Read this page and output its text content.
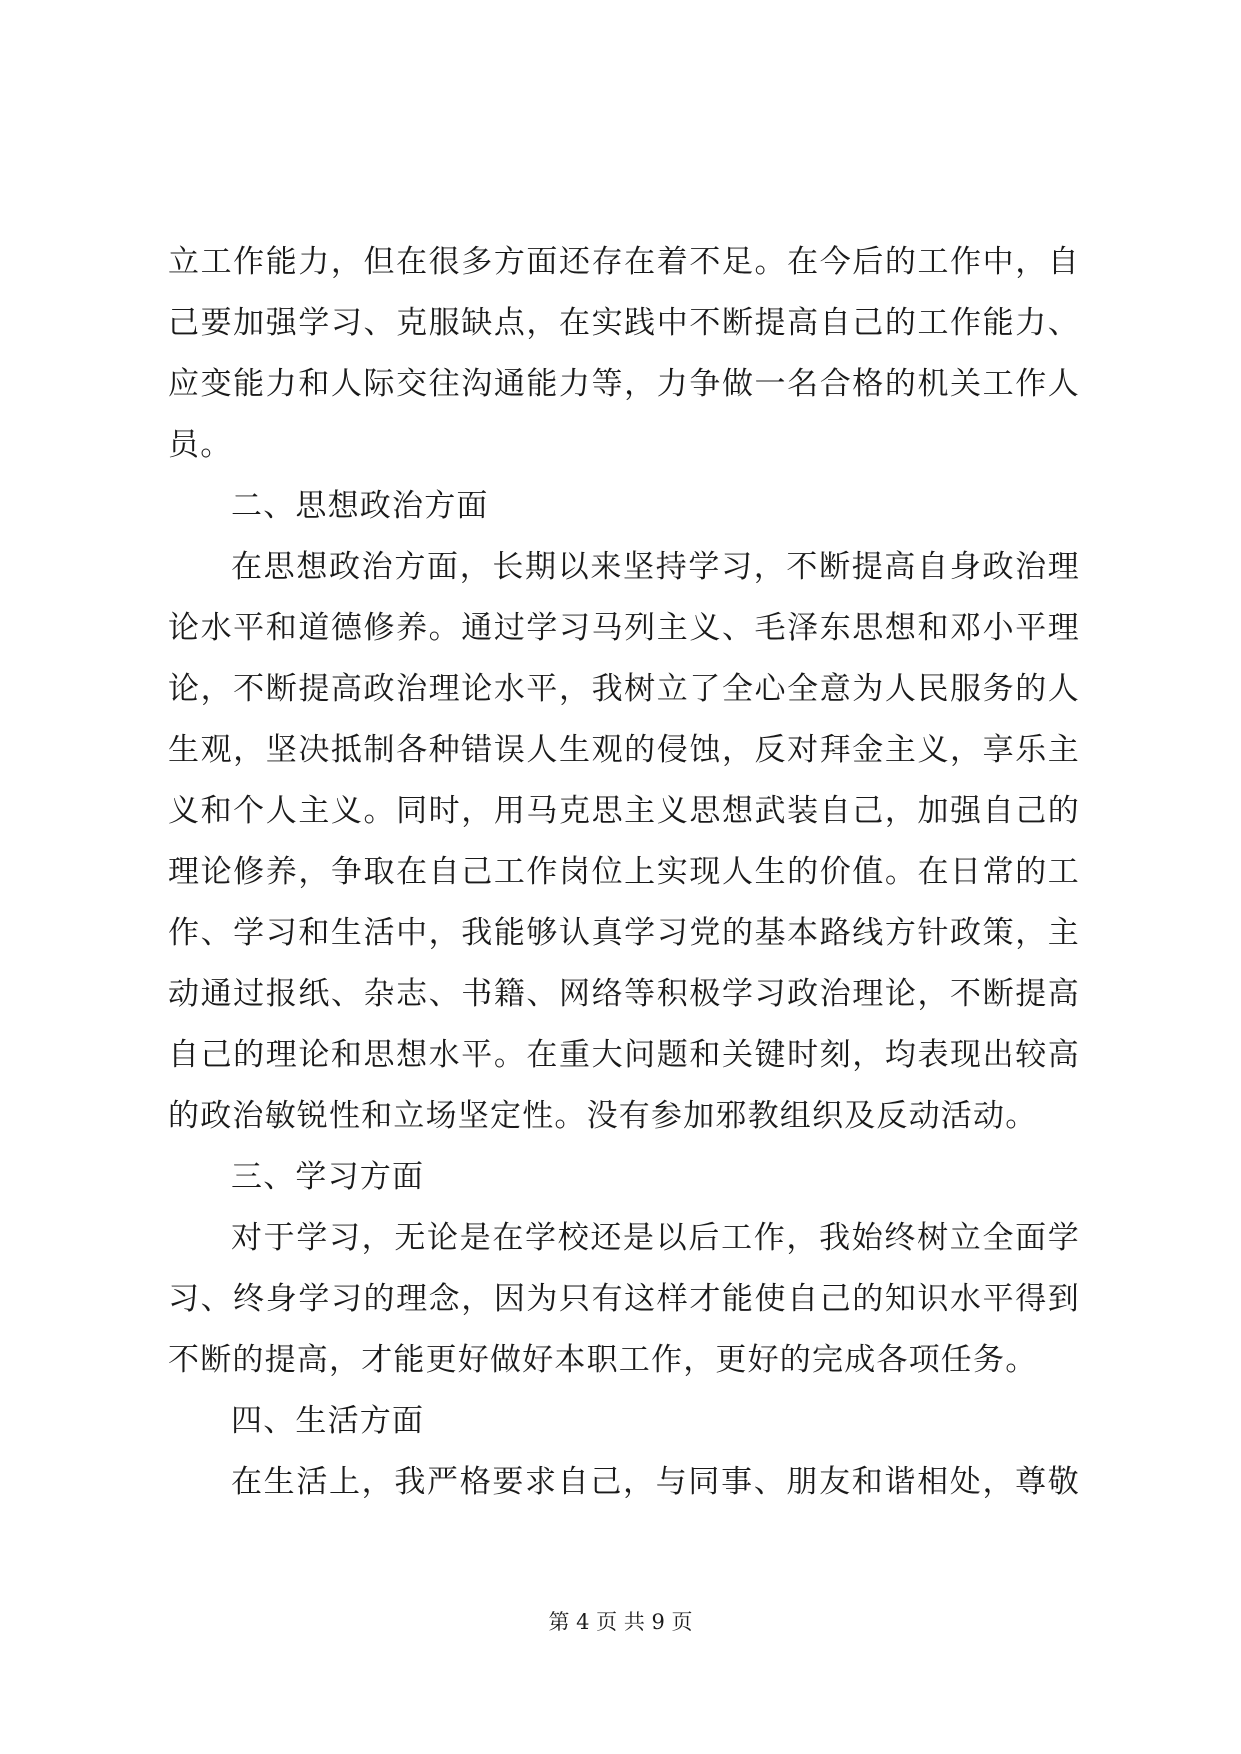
立工作能力，但在很多方面还存在着不足。在今后的工作中，自
己要加强学习、克服缺点，在实践中不断提高自己的工作能力、
应变能力和人际交往沟通能力等，力争做一名合格的机关工作人
员。
二、思想政治方面
在思想政治方面，长期以来坚持学习，不断提高自身政治理
论水平和道德修养。通过学习马列主义、毛泽东思想和邓小平理
论，不断提高政治理论水平，我树立了全心全意为人民服务的人
生观，坚决抵制各种错误人生观的侵蚀，反对拜金主义，享乐主
义和个人主义。同时，用马克思主义思想武装自己，加强自己的
理论修养，争取在自己工作岗位上实现人生的价值。在日常的工
作、学习和生活中，我能够认真学习党的基本路线方针政策，主
动通过报纸、杂志、书籍、网络等积极学习政治理论，不断提高
自己的理论和思想水平。在重大问题和关键时刻，均表现出较高
的政治敏锐性和立场坚定性。没有参加邪教组织及反动活动。
三、学习方面
对于学习，无论是在学校还是以后工作，我始终树立全面学
习、终身学习的理念，因为只有这样才能使自己的知识水平得到
不断的提高，才能更好做好本职工作，更好的完成各项任务。
四、生活方面
在生活上，我严格要求自己，与同事、朋友和谐相处，尊敬
第 4 页 共 9 页
